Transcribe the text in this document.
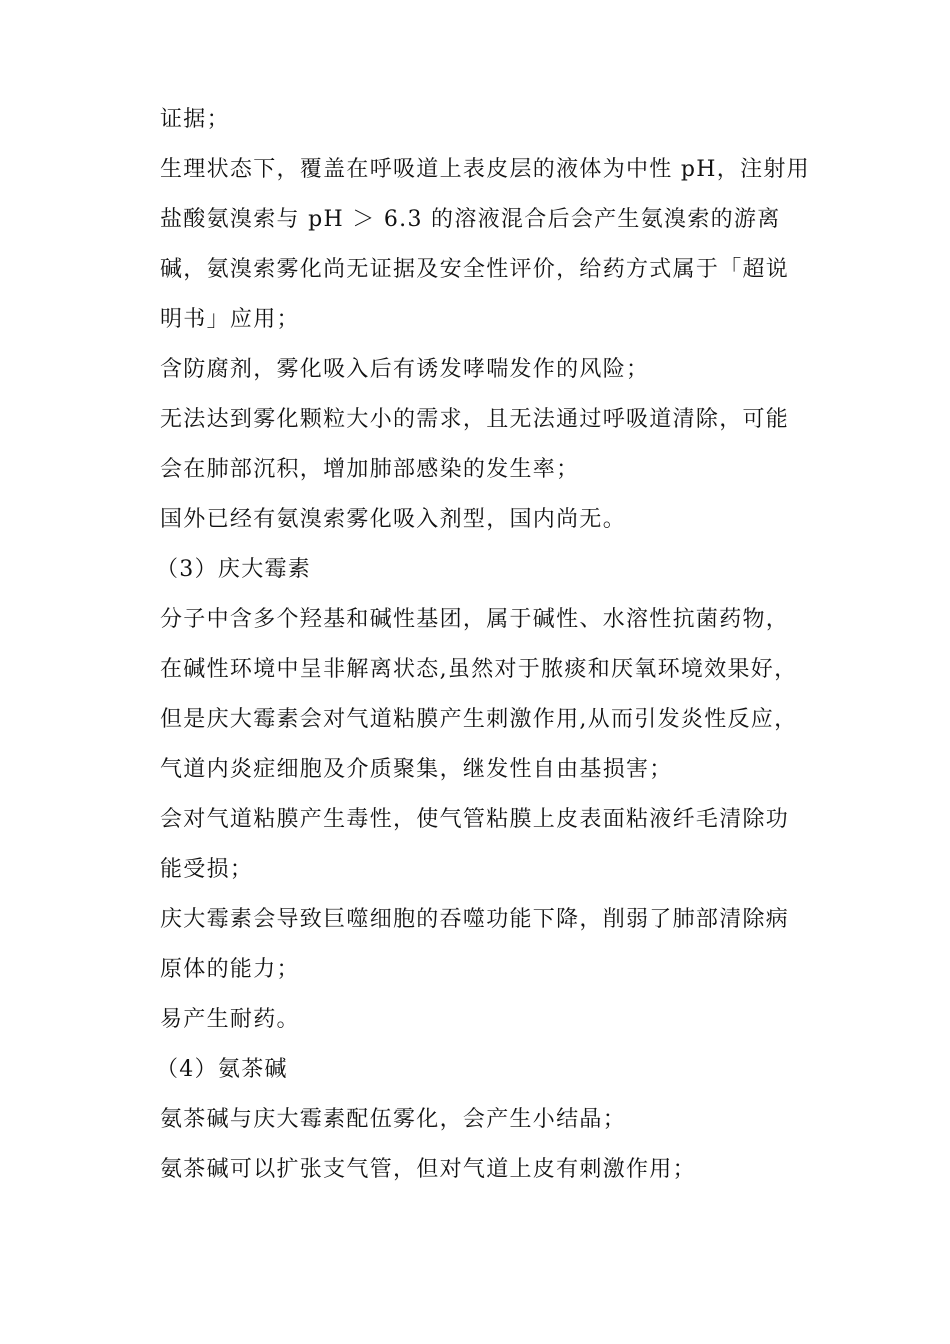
证据；
生理状态下，覆盖在呼吸道上表皮层的液体为中性 pH，注射用
盐酸氨溴索与 pH ＞ 6.3 的溶液混合后会产生氨溴索的游离
碱，氨溴索雾化尚无证据及安全性评价，给药方式属于「超说
明书」应用；
含防腐剂，雾化吸入后有诱发哮喘发作的风险；
无法达到雾化颗粒大小的需求，且无法通过呼吸道清除，可能
会在肺部沉积，增加肺部感染的发生率；
国外已经有氨溴索雾化吸入剂型，国内尚无。
（3）庆大霉素
分子中含多个羟基和碱性基团，属于碱性、水溶性抗菌药物，
在碱性环境中呈非解离状态,虽然对于脓痰和厌氧环境效果好，
但是庆大霉素会对气道粘膜产生刺激作用,从而引发炎性反应，
气道内炎症细胞及介质聚集，继发性自由基损害；
会对气道粘膜产生毒性，使气管粘膜上皮表面粘液纤毛清除功
能受损；
庆大霉素会导致巨噬细胞的吞噬功能下降，削弱了肺部清除病
原体的能力；
易产生耐药。
（4）氨茶碱
氨茶碱与庆大霉素配伍雾化，会产生小结晶；
氨茶碱可以扩张支气管，但对气道上皮有刺激作用；
